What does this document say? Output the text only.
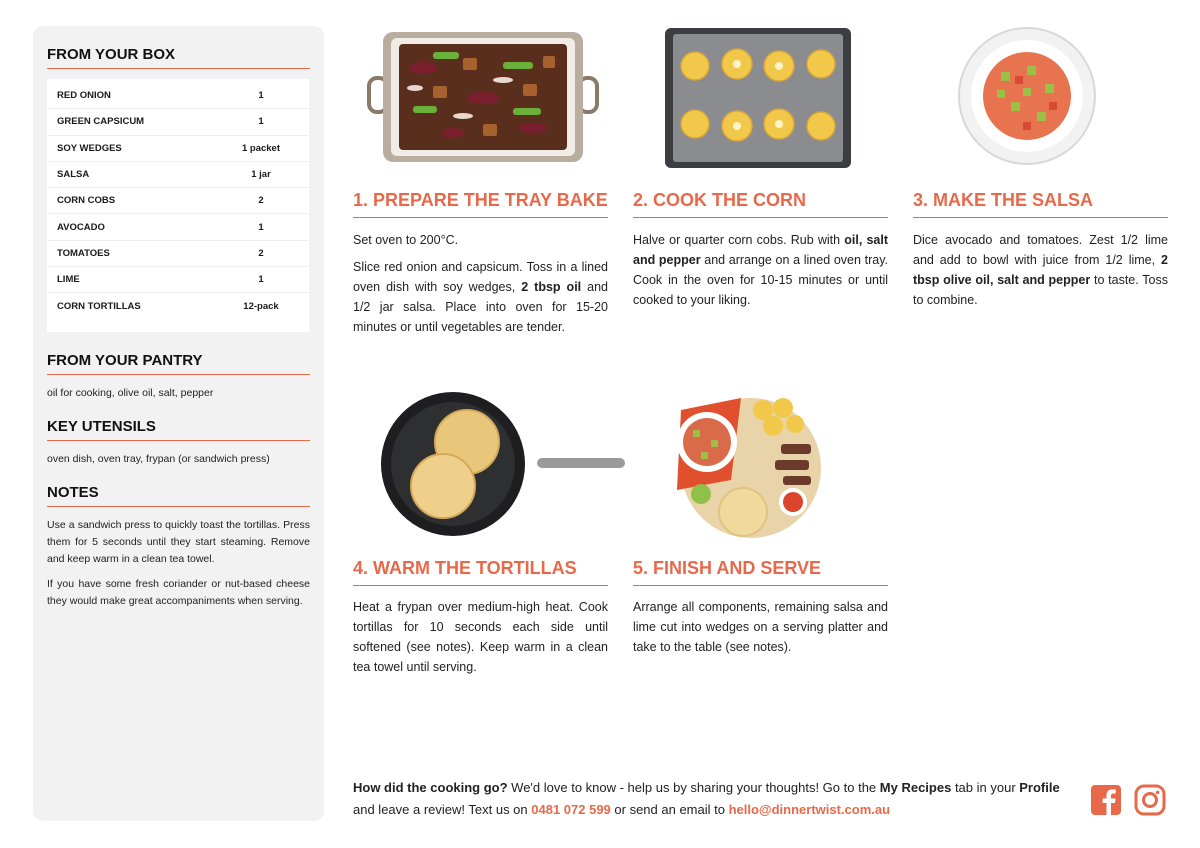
FROM YOUR BOX
RED ONION	1
GREEN CAPSICUM	1
SOY WEDGES	1 packet
SALSA	1 jar
CORN COBS	2
AVOCADO	1
TOMATOES	2
LIME	1
CORN TORTILLAS	12-pack
FROM YOUR PANTRY
oil for cooking, olive oil, salt, pepper
KEY UTENSILS
oven dish, oven tray, frypan (or sandwich press)
NOTES

Use a sandwich press to quickly toast the tortillas. Press them for 5 seconds until they start steaming. Remove and keep warm in a clean tea towel.

If you have some fresh coriander or nut-based cheese they would make great accompaniments when serving.

1. PREPARE THE TRAY BAKE

Set oven to 200°C.

Slice red onion and capsicum. Toss in a lined oven dish with soy wedges, 2 tbsp oil and 1/2 jar salsa. Place into oven for 15-20 minutes or until vegetables are tender.

2. COOK THE CORN

Halve or quarter corn cobs. Rub with oil, salt and pepper and arrange on a lined oven tray. Cook in the oven for 10-15 minutes or until cooked to your liking.

3. MAKE THE SALSA

Dice avocado and tomatoes. Zest 1/2 lime and add to bowl with juice from 1/2 lime, 2 tbsp olive oil, salt and pepper to taste. Toss to combine.

4. WARM THE TORTILLAS

Heat a frypan over medium-high heat. Cook tortillas for 10 seconds each side until softened (see notes). Keep warm in a clean tea towel until serving.

5. FINISH AND SERVE

Arrange all components, remaining salsa and lime cut into wedges on a serving platter and take to the table (see notes).

How did the cooking go? We'd love to know - help us by sharing your thoughts! Go to the My Recipes tab in your Profile and leave a review! Text us on 0481 072 599 or send an email to hello@dinnertwist.com.au
